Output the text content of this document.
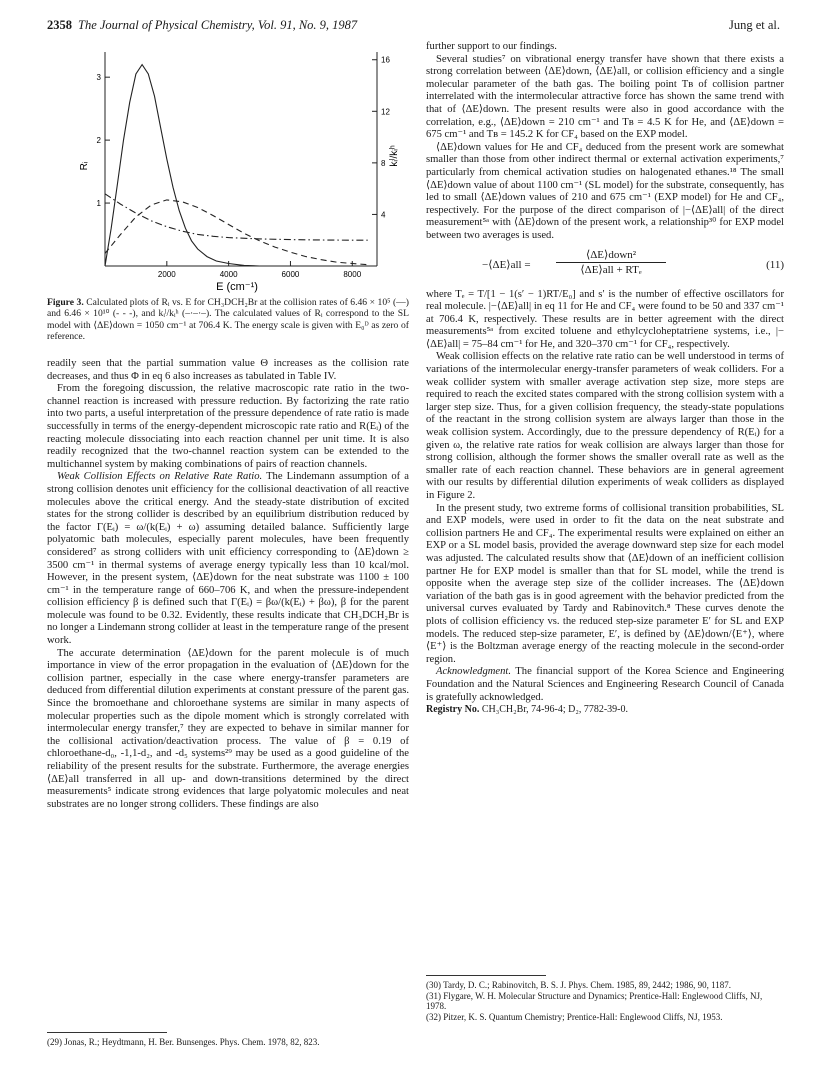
2358 The Journal of Physical Chemistry, Vol. 91, No. 9, 1987	Jung et al.
2000	4000	6000	8000
1
2
3
4
8
12
16
E (cm⁻¹)
Rᵢ	kᵢˡ/kᵢʰ
Figure 3. Calculated plots of Rᵢ vs. E for CH₃DCH₂Br at the collision rates of 6.46 × 10⁵ (—) and 6.46 × 10¹⁰ (- - -), and kᵢˡ/kᵢʰ (–·–·–). The calculated values of Rᵢ correspond to the SL model with ⟨ΔE⟩down = 1050 cm⁻¹ at 706.4 K. The energy scale is given with E₀ᴰ as zero of reference.

readily seen that the partial summation value Θ increases as the collision rate decreases, and thus Φ in eq 6 also increases as tabulated in Table IV.

From the foregoing discussion, the relative macroscopic rate ratio in the two-channel reaction is increased with pressure reduction. By factorizing the rate ratio into two parts, a useful interpretation of the pressure dependence of rate ratio is made successfully in terms of the energy-dependent microscopic rate ratio and R(Eᵢ) of the reacting molecule dissociating into each reaction channel per unit time. It is also readily recognized that the two-channel reaction system can be extended to the multichannel system by making combinations of pairs of reaction channels.

Weak Collision Effects on Relative Rate Ratio. The Lindemann assumption of a strong collision denotes unit efficiency for the collisional deactivation of all reactive molecules above the critical energy. And the steady-state distribution of excited states for the strong collider is described by an equilibrium distribution reduced by the factor Γ(Eᵢ) = ω/(k(Eᵢ) + ω) assuming detailed balance. Sufficiently large polyatomic bath molecules, especially parent molecules, have been frequently considered⁷ as strong colliders with unit efficiency corresponding to ⟨ΔE⟩down ≥ 3500 cm⁻¹ in thermal systems of average energy typically less than 10 kcal/mol. However, in the present system, ⟨ΔE⟩down for the neat substrate was 1100 ± 100 cm⁻¹ in the temperature range of 660–706 K, and when the pressure-independent collision efficiency β is defined such that Γ(Eᵢ) = βω/(k(Eᵢ) + βω), β for the parent molecule was found to be 0.32. Evidently, these results indicate that CH₃DCH₂Br is no longer a Lindemann strong collider at least in the temperature range of the present work.

The accurate determination ⟨ΔE⟩down for the parent molecule is of much importance in view of the error propagation in the evaluation of ⟨ΔE⟩down for the collision partner, especially in the case where energy-transfer parameters are deduced from differential dilution experiments at constant pressure of the parent gas. Since the bromoethane and chloroethane systems are similar in many aspects of molecular properties such as the dipole moment which is strongly correlated with intermolecular energy transfer,⁷ they are expected to behave in similar manner for the collisional activation/deactivation process. The value of β = 0.19 of chloroethane-d₀, -1,1-d₂, and -d₅ systems²⁹ may be used as a good guideline of the reliability of the present results for the substrate. Furthermore, the average energies ⟨ΔE⟩all transferred in all up- and down-transitions determined by the direct measurements⁵ indicate strong evidences that large polyatomic molecules and neat substrates are no longer strong colliders. These findings are also

(29) Jonas, R.; Heydtmann, H. Ber. Bunsenges. Phys. Chem. 1978, 82, 823.

further support to our findings.

Several studies⁷ on vibrational energy transfer have shown that there exists a strong correlation between ⟨ΔE⟩down, ⟨ΔE⟩all, or collision efficiency and a single molecular parameter of the bath gas. The boiling point Tʙ of collision partner interrelated with the intermolecular attractive force has shown the same trend with that of ⟨ΔE⟩down. The present results were also in good accordance with the correlation, e.g., ⟨ΔE⟩down = 210 cm⁻¹ and Tʙ = 4.5 K for He, and ⟨ΔE⟩down = 675 cm⁻¹ and Tʙ = 145.2 K for CF₄ based on the EXP model.

⟨ΔE⟩down values for He and CF₄ deduced from the present work are somewhat smaller than those from other indirect thermal or external activation experiments,⁷ particularly from chemical activation studies on halogenated ethanes.¹⁸ The small ⟨ΔE⟩down value of about 1100 cm⁻¹ (SL model) for the substrate, consequently, has led to small ⟨ΔE⟩down values of 210 and 675 cm⁻¹ (EXP model) for He and CF₄, respectively. For the purpose of the direct comparison of |−⟨ΔE⟩all| of the direct measurement⁵ᵃ with ⟨ΔE⟩down of the present work, a relationship³⁰ for EXP model between two averages is used.

−⟨ΔE⟩all =
⟨ΔE⟩down²
⟨ΔE⟩all + RTₑ	(11)

where Tₑ = T/[1 − 1(s′ − 1)RT/E₀] and s′ is the number of effective oscillators for real molecule. |−⟨ΔE⟩all| in eq 11 for He and CF₄ were found to be 50 and 337 cm⁻¹ at 706.4 K, respectively. These results are in better agreement with the direct measurements⁵ᵃ from excited toluene and ethylcycloheptatriene systems, i.e., |−⟨ΔE⟩all| = 75–84 cm⁻¹ for He, and 320–370 cm⁻¹ for CF₄, respectively.

Weak collision effects on the relative rate ratio can be well understood in terms of variations of the intermolecular energy-transfer parameters of weak colliders. For a weak collider system with smaller average activation step size, more steps are required to reach the excited states compared with the strong collision system with a larger step size. Thus, for a given collision frequency, the steady-state populations of the reactant in the strong collision system are always larger than those in the weak collision system. Accordingly, due to the pressure dependency of R(Eᵢ) for a given ω, the relative rate ratios for weak collision are always larger than those for strong collision, although the former shows the smaller overall rate as well as the smaller rate of each reaction channel. These behaviors are in general agreement with our results by differential dilution experiments of weak colliders as displayed in Figure 2.

In the present study, two extreme forms of collisional transition probabilities, SL and EXP models, were used in order to fit the data on the neat substrate and collision partners He and CF₄. The experimental results were explained on either an EXP or a SL model basis, provided the average downward step size for each model was adjusted. The calculated results show that ⟨ΔE⟩down of an inefficient collision partner He for EXP model is smaller than that for SL model, while the trend is opposite when the average step size of the collider increases. The ⟨ΔE⟩down variation of the bath gas is in good agreement with the behavior predicted from the universal curves evaluated by Tardy and Rabinovitch.⁸ These curves denote the plots of collision efficiency vs. the reduced step-size parameter E′ for SL and EXP models. The reduced step-size parameter, E′, is defined by ⟨ΔE⟩down/⟨E⁺⟩, where ⟨E⁺⟩ is the Boltzman average energy of the reacting molecule in the second-order region.

Acknowledgment. The financial support of the Korea Science and Engineering Foundation and the Natural Sciences and Engineering Research Council of Canada is gratefully acknowledged.

Registry No. CH₃CH₂Br, 74-96-4; D₂, 7782-39-0.

(30) Tardy, D. C.; Rabinovitch, B. S. J. Phys. Chem. 1985, 89, 2442; 1986, 90, 1187.
(31) Flygare, W. H. Molecular Structure and Dynamics; Prentice-Hall: Englewood Cliffs, NJ, 1978.
(32) Pitzer, K. S. Quantum Chemistry; Prentice-Hall: Englewood Cliffs, NJ, 1953.
